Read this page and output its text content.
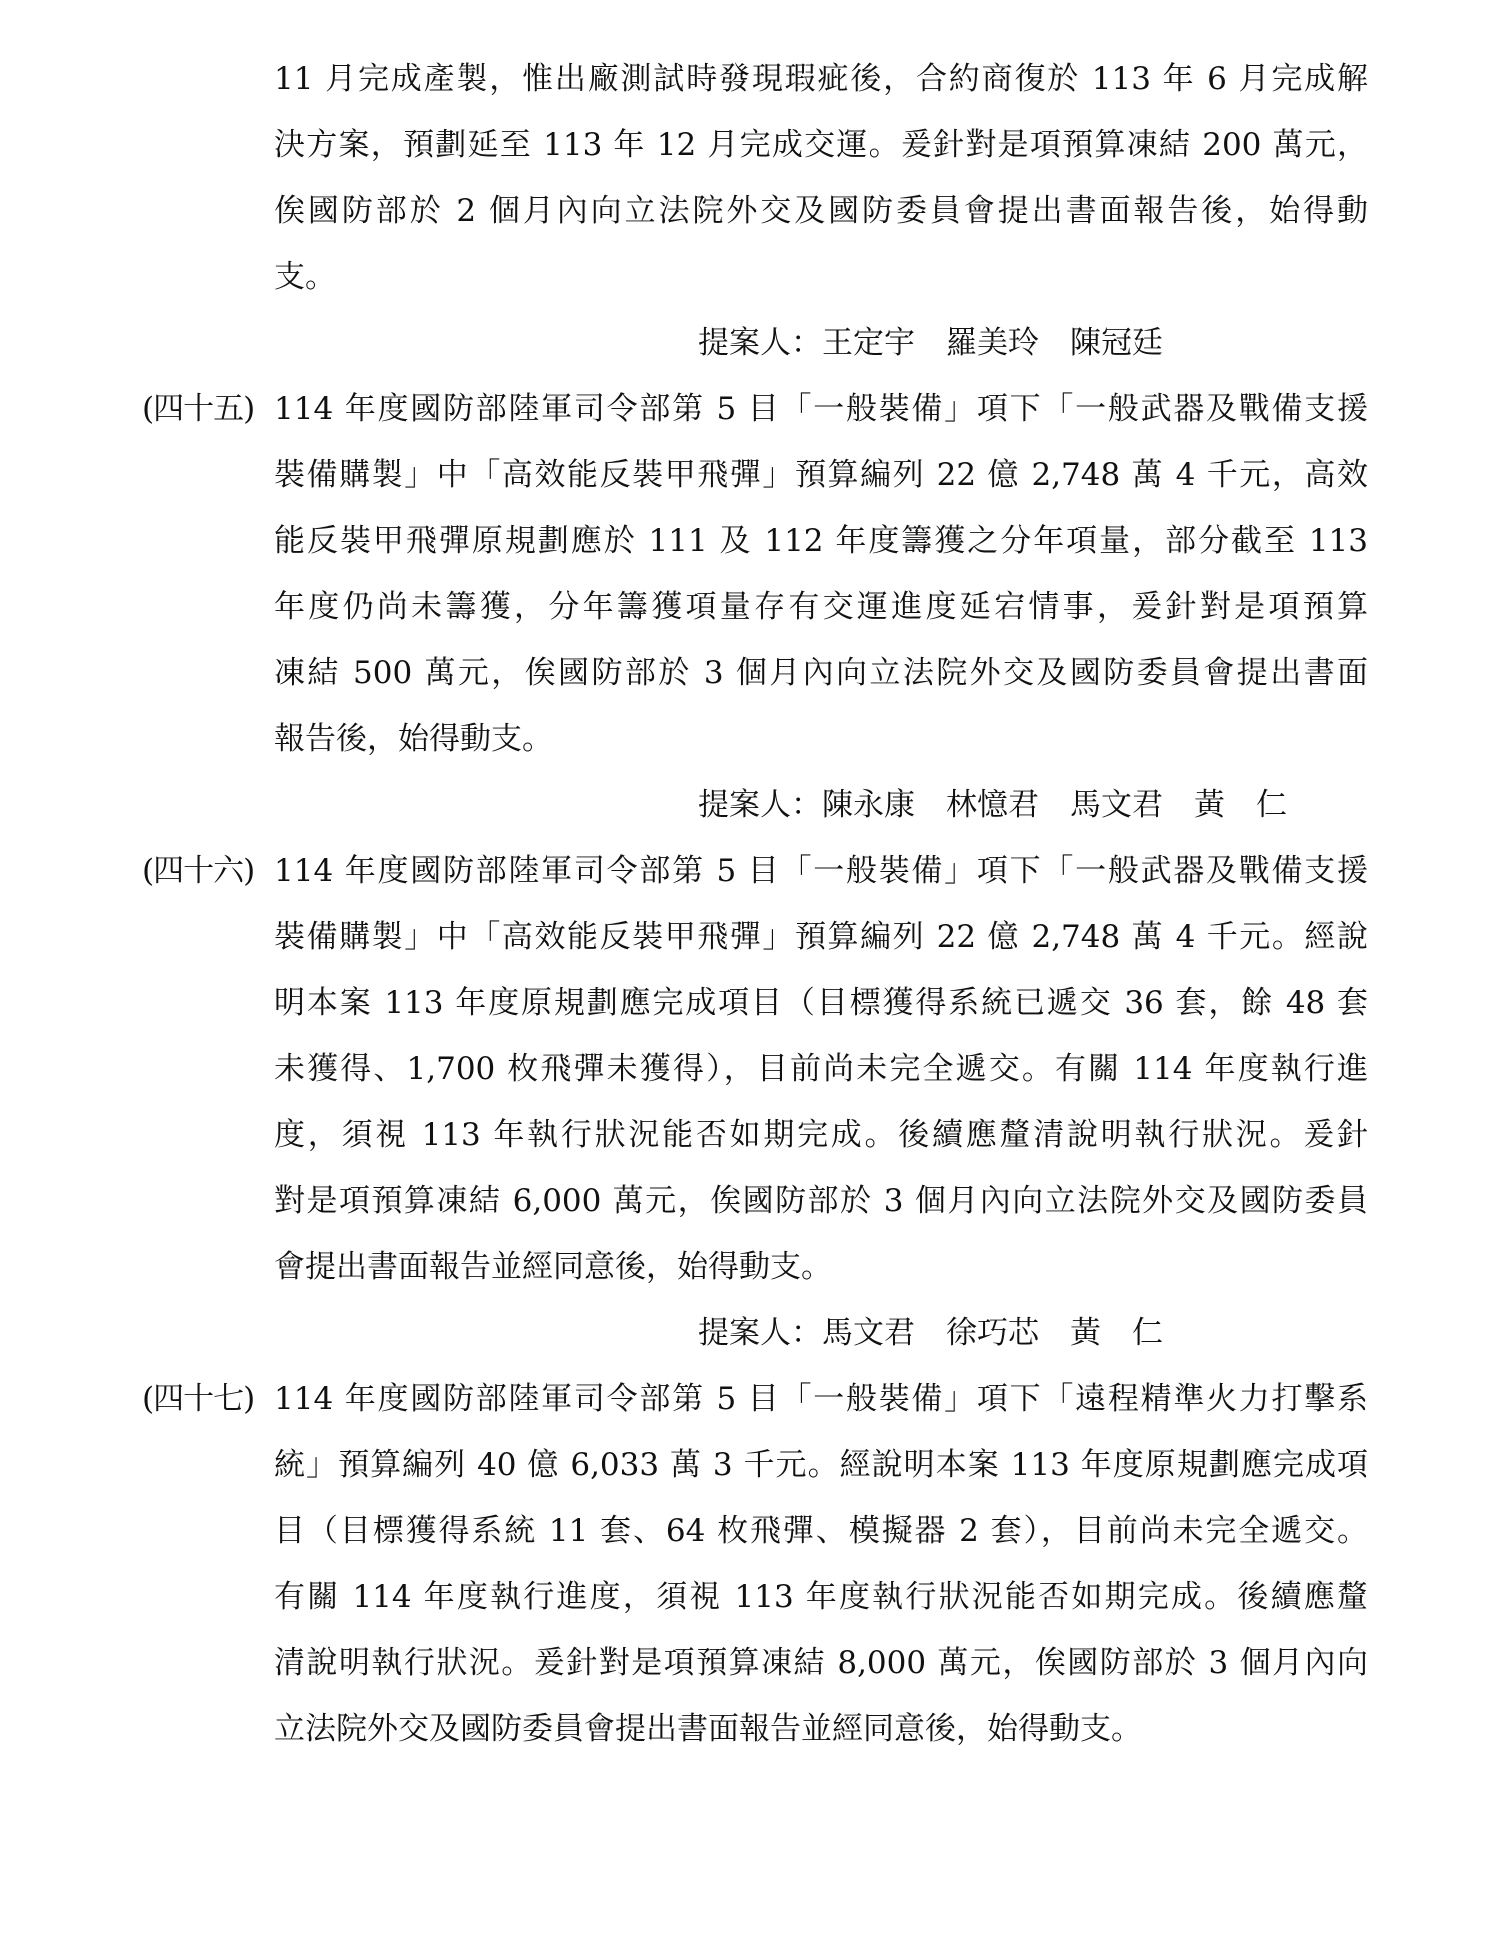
11 月完成產製，惟出廠測試時發現瑕疵後，合約商復於 113 年 6 月完成解
決方案，預劃延至 113 年 12 月完成交運。爰針對是項預算凍結 200 萬元，
俟國防部於 2 個月內向立法院外交及國防委員會提出書面報告後，始得動
支。
提案人：王定宇　羅美玲　陳冠廷
(四十五) 114 年度國防部陸軍司令部第 5 目「一般裝備」項下「一般武器及戰備支援
裝備購製」中「高效能反裝甲飛彈」預算編列 22 億 2,748 萬 4 千元，高效
能反裝甲飛彈原規劃應於 111 及 112 年度籌獲之分年項量，部分截至 113
年度仍尚未籌獲，分年籌獲項量存有交運進度延宕情事，爰針對是項預算
凍結 500 萬元，俟國防部於 3 個月內向立法院外交及國防委員會提出書面
報告後，始得動支。
提案人：陳永康　林憶君　馬文君　黃　仁
(四十六) 114 年度國防部陸軍司令部第 5 目「一般裝備」項下「一般武器及戰備支援
裝備購製」中「高效能反裝甲飛彈」預算編列 22 億 2,748 萬 4 千元。經說
明本案 113 年度原規劃應完成項目（目標獲得系統已遞交 36 套，餘 48 套
未獲得、1,700 枚飛彈未獲得），目前尚未完全遞交。有關 114 年度執行進
度，須視 113 年執行狀況能否如期完成。後續應釐清說明執行狀況。爰針
對是項預算凍結 6,000 萬元，俟國防部於 3 個月內向立法院外交及國防委員
會提出書面報告並經同意後，始得動支。
提案人：馬文君　徐巧芯　黃　仁
(四十七) 114 年度國防部陸軍司令部第 5 目「一般裝備」項下「遠程精準火力打擊系
統」預算編列 40 億 6,033 萬 3 千元。經說明本案 113 年度原規劃應完成項
目（目標獲得系統 11 套、64 枚飛彈、模擬器 2 套），目前尚未完全遞交。
有關 114 年度執行進度，須視 113 年度執行狀況能否如期完成。後續應釐
清說明執行狀況。爰針對是項預算凍結 8,000 萬元，俟國防部於 3 個月內向
立法院外交及國防委員會提出書面報告並經同意後，始得動支。
